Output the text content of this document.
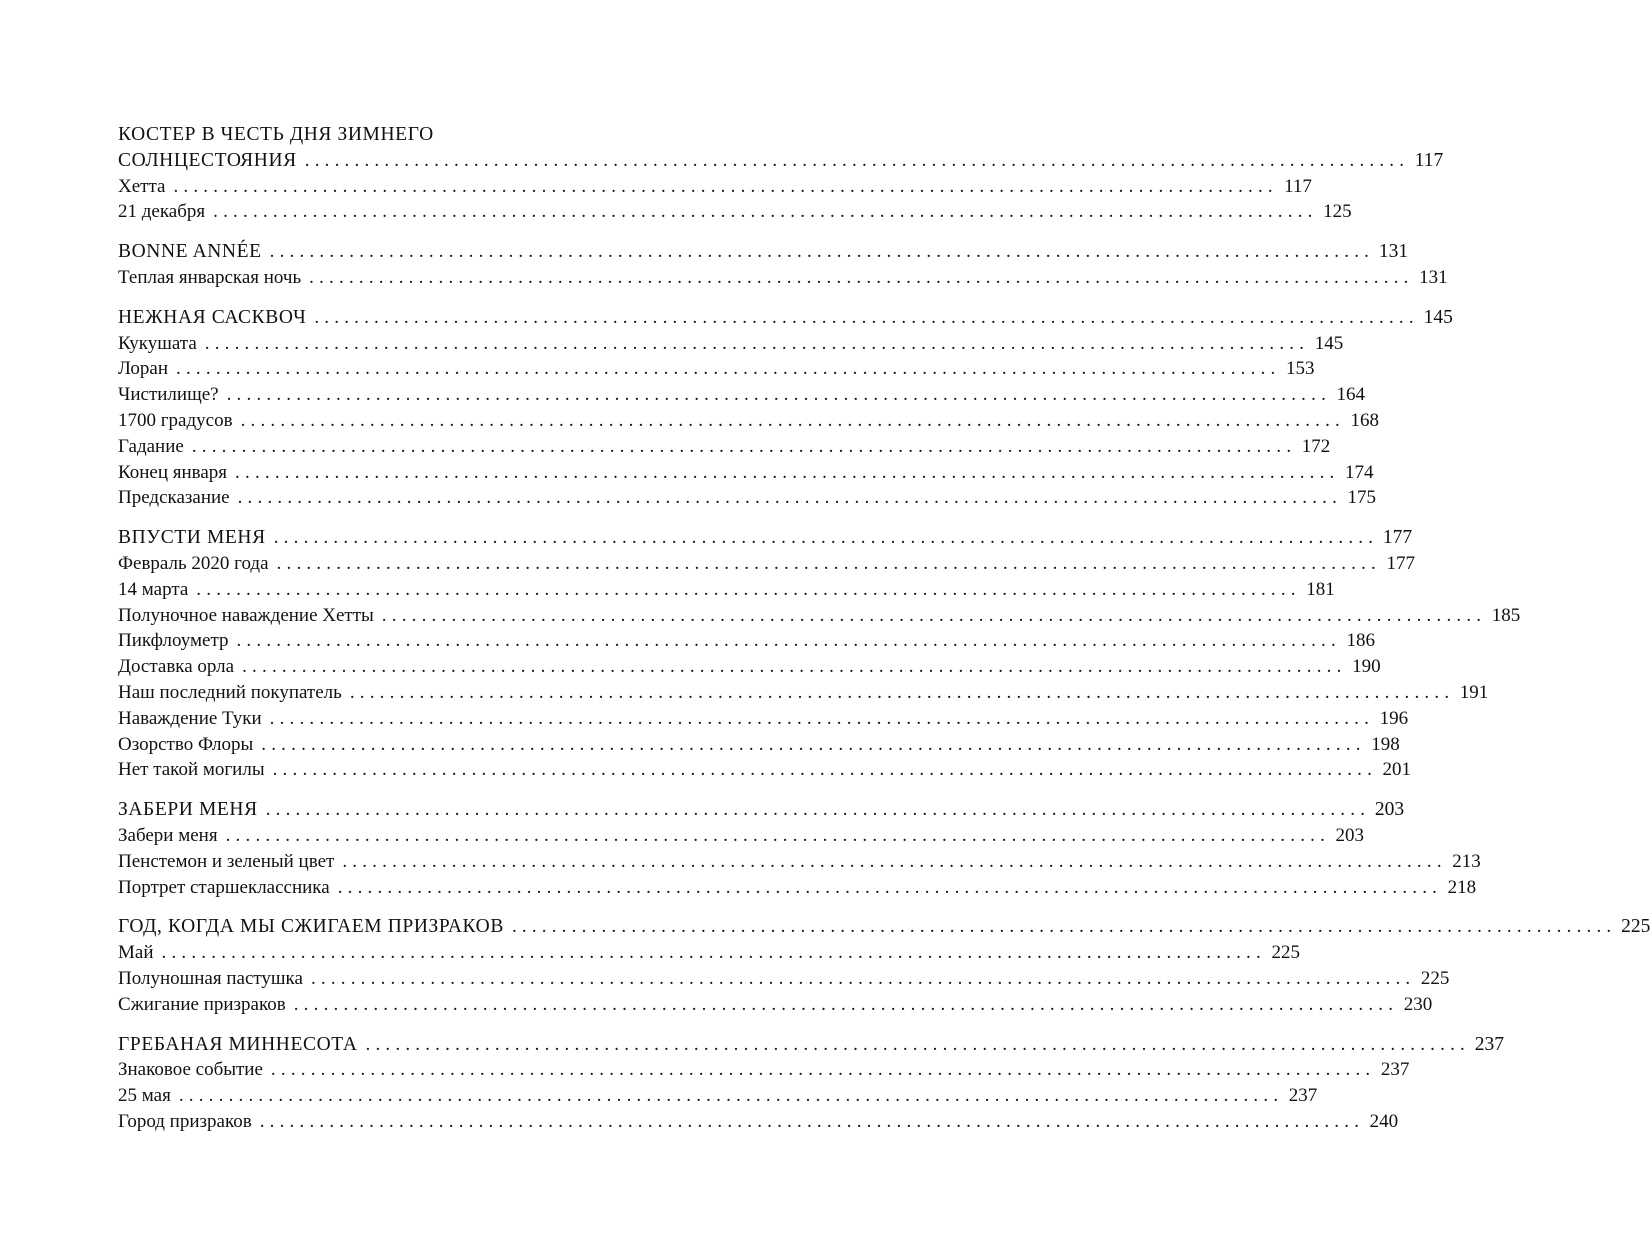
КОСТЕР В ЧЕСТЬ ДНЯ ЗИМНЕГО
СОЛНЦЕСТОЯНИЯ ............................................................................................................... 117
Хетта ............................................................................................................... 117
21 декабря ............................................................................................................... 125
BONNE ANNÉE ............................................................................................................... 131
Теплая январская ночь ............................................................................................................... 131
НЕЖНАЯ САСКВОЧ ............................................................................................................... 145
Кукушата ............................................................................................................... 145
Лоран ............................................................................................................... 153
Чистилище? ............................................................................................................... 164
1700 градусов ............................................................................................................... 168
Гадание ............................................................................................................... 172
Конец января ............................................................................................................... 174
Предсказание ............................................................................................................... 175
ВПУСТИ МЕНЯ ............................................................................................................... 177
Февраль 2020 года ............................................................................................................... 177
14 марта ............................................................................................................... 181
Полуночное наваждение Хетты ............................................................................................................... 185
Пикфлоуметр ............................................................................................................... 186
Доставка орла ............................................................................................................... 190
Наш последний покупатель ............................................................................................................... 191
Наваждение Туки ............................................................................................................... 196
Озорство Флоры ............................................................................................................... 198
Нет такой могилы ............................................................................................................... 201
ЗАБЕРИ МЕНЯ ............................................................................................................... 203
Забери меня ............................................................................................................... 203
Пенстемон и зеленый цвет ............................................................................................................... 213
Портрет старшеклассника ............................................................................................................... 218
ГОД, КОГДА МЫ СЖИГАЕМ ПРИЗРАКОВ ............................................................................................................... 225
Май ............................................................................................................... 225
Полуношная пастушка ............................................................................................................... 225
Сжигание призраков ............................................................................................................... 230
ГРЕБАНАЯ МИННЕСОТА ............................................................................................................... 237
Знаковое событие ............................................................................................................... 237
25 мая ............................................................................................................... 237
Город призраков ............................................................................................................... 240
